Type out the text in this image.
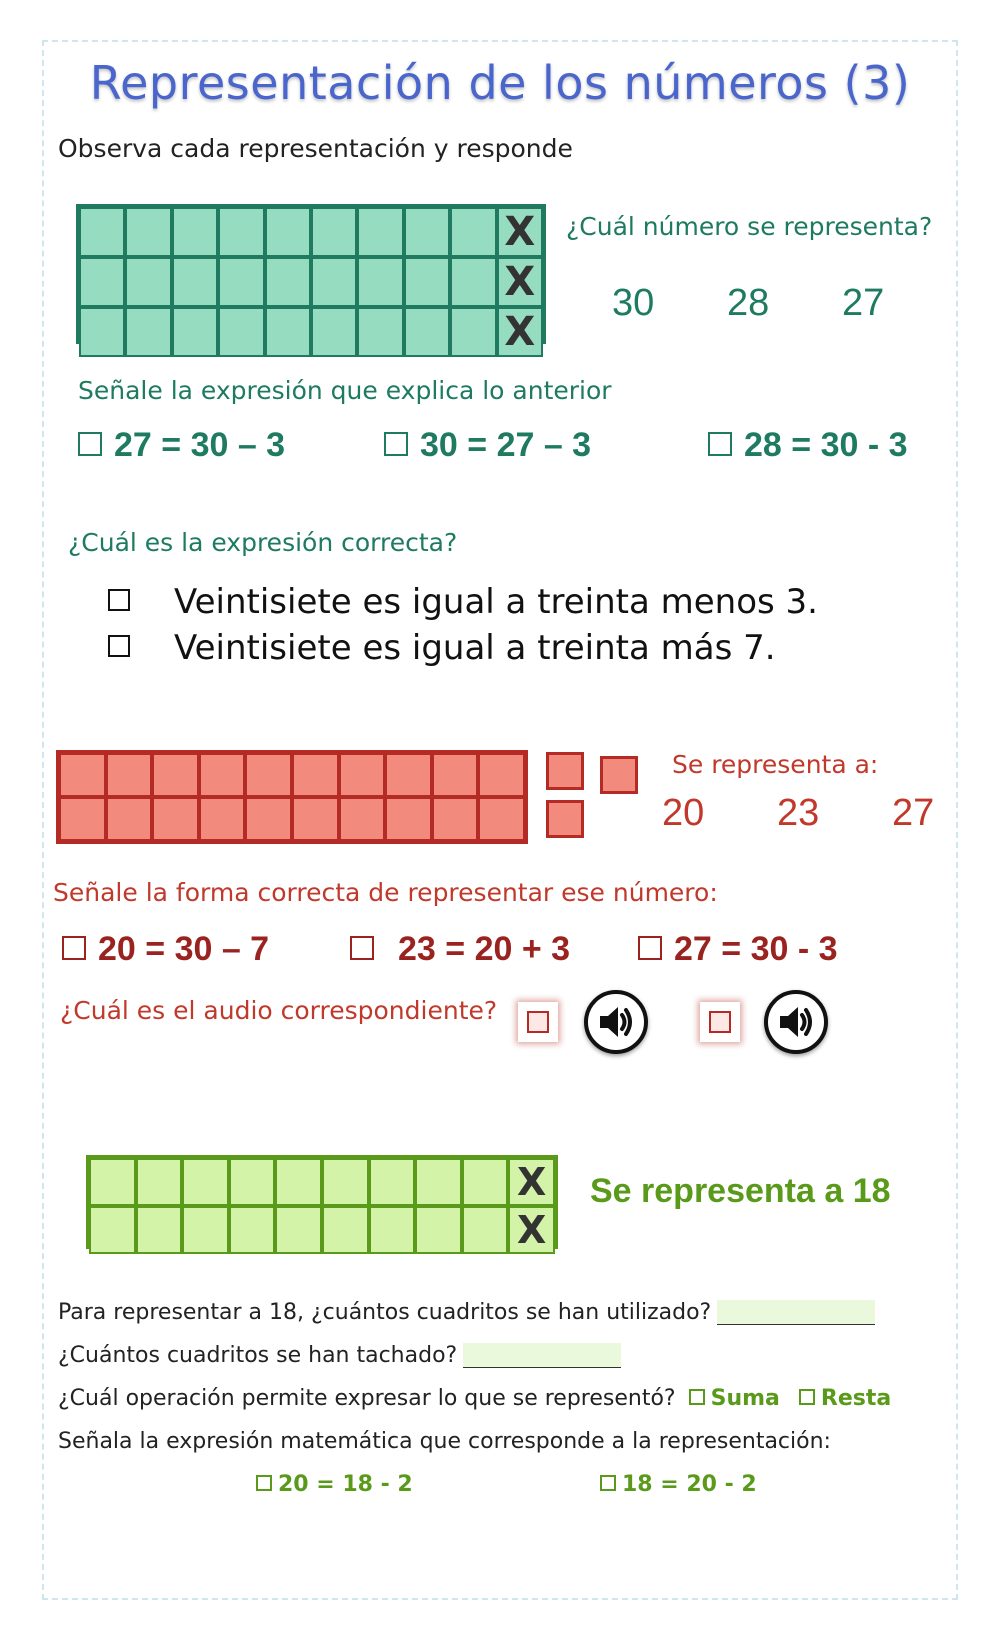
Representación de los números (3)
Observa cada representación y responde
X
X
X
¿Cuál número se representa?
30 28 27
Señale la expresión que explica lo anterior
27 = 30 – 3	30 = 27 – 3	28 = 30 - 3
¿Cuál es la expresión correcta?
Veintisiete es igual a treinta menos 3.
Veintisiete es igual a treinta más 7.
Se representa a:
20 23 27
Señale la forma correcta de representar ese número:
20 = 30 – 7	23 = 20 + 3	27 = 30 - 3
¿Cuál es el audio correspondiente?
X
X
Se representa a 18
Para representar a 18, ¿cuántos cuadritos se han utilizado?
¿Cuántos cuadritos se han tachado?
¿Cuál operación permite expresar lo que se representó? Suma Resta
Señala la expresión matemática que corresponde a la representación:
20 = 18 - 2	18 = 20 - 2
